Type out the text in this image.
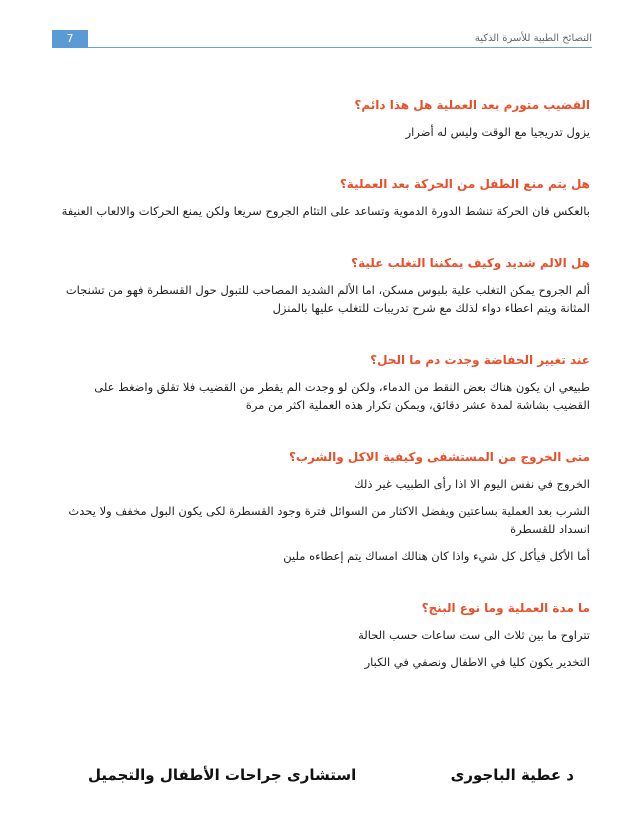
7	النصائح الطبية للأسرة الذكية
القضيب متورم بعد العملية هل هذا دائم؟
يزول تدريجيا مع الوقت وليس له أضرار
هل يتم منع الطفل من الحركة بعد العملية؟
بالعكس فان الحركة تنشط الدورة الدموية وتساعد على التئام الجروح سريعا ولكن يمنع الحركات والالعاب العنيفة
هل الالم شديد وكيف يمكننا التغلب علية؟
ألم الجروح يمكن التغلب علية بلبوس مسكن، اما الألم الشديد المصاحب للتبول حول القسطرة فهو من تشنجات المثانة ويتم اعطاء دواء لذلك مع شرح تدريبات للتغلب عليها بالمنزل
عند تغيير الحفاضة وجدت دم ما الحل؟
طبيعي ان يكون هناك بعض النقط من الدماء، ولكن لو وجدت الم يقطر من القضيب فلا تقلق واضغط على القضيب بشاشة لمدة عشر دقائق، ويمكن تكرار هذه العملية اكثر من مرة
متى الخروج من المستشفى وكيفية الاكل والشرب؟
الخروج في نفس اليوم الا اذا رأى الطبيب غير ذلك
الشرب بعد العملية بساعتين ويفضل الاكثار من السوائل فترة وجود القسطرة لكى يكون البول مخفف ولا يحدث انسداد للقسطرة
أما الأكل فيأكل كل شيء واذا كان هنالك امساك يتم إعطاءه ملين
ما مدة العملية وما نوع البنج؟
تتراوح ما بين ثلاث الى ست ساعات حسب الحالة
التخدير يكون كليا في الاطفال ونصفي في الكبار
د عطية الباجورى
استشارى جراحات الأطفال والتجميل
